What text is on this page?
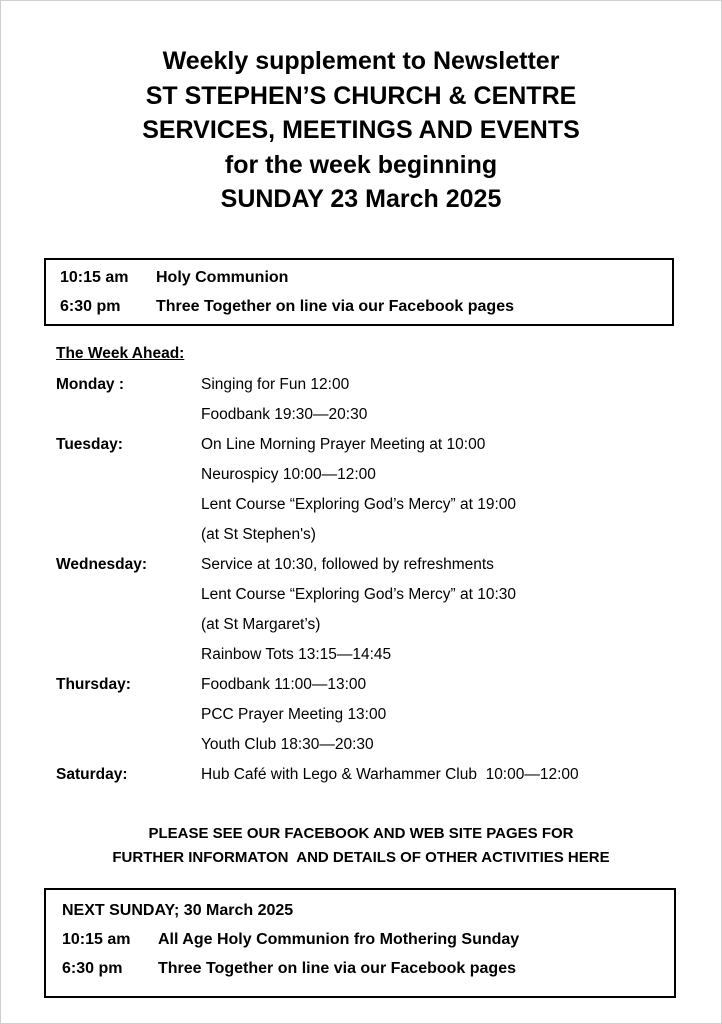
Weekly supplement to Newsletter
ST STEPHEN’S CHURCH & CENTRE
SERVICES, MEETINGS AND EVENTS
for the week beginning
SUNDAY 23 March 2025
10:15 am Holy Communion
6:30 pm Three Together on line via our Facebook pages
The Week Ahead:
Monday :	Singing for Fun 12:00
Foodbank 19:30—20:30
Tuesday:	On Line Morning Prayer Meeting at 10:00
Neurospicy 10:00—12:00
Lent Course “Exploring God’s Mercy” at 19:00
(at St Stephen's)
Wednesday:	Service at 10:30, followed by refreshments
Lent Course “Exploring God’s Mercy” at 10:30
(at St Margaret’s)
Rainbow Tots 13:15—14:45
Thursday:	Foodbank 11:00—13:00
PCC Prayer Meeting 13:00
Youth Club 18:30—20:30
Saturday:	Hub Café with Lego & Warhammer Club  10:00—12:00
PLEASE SEE OUR FACEBOOK AND WEB SITE PAGES FOR
FURTHER INFORMATON  AND DETAILS OF OTHER ACTIVITIES HERE
NEXT SUNDAY; 30 March 2025
10:15 am All Age Holy Communion fro Mothering Sunday
6:30 pm Three Together on line via our Facebook pages
